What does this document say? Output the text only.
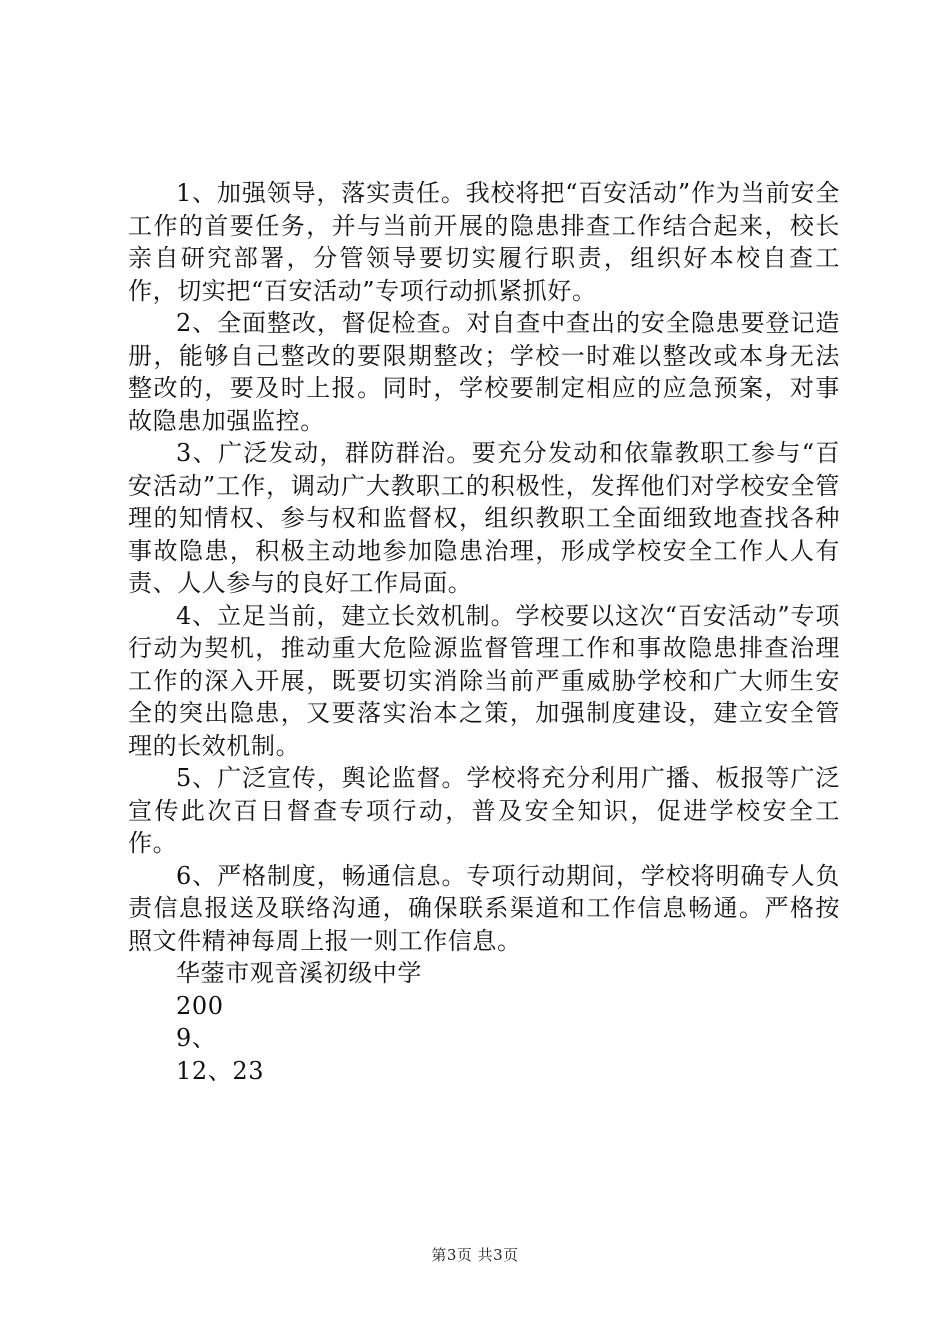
1、加强领导，落实责任。我校将把“百安活动”作为当前安全工作的首要任务，并与当前开展的隐患排查工作结合起来，校长亲自研究部署，分管领导要切实履行职责，组织好本校自查工作，切实把“百安活动”专项行动抓紧抓好。

2、全面整改，督促检查。对自查中查出的安全隐患要登记造册，能够自己整改的要限期整改；学校一时难以整改或本身无法整改的，要及时上报。同时，学校要制定相应的应急预案，对事故隐患加强监控。

3、广泛发动，群防群治。要充分发动和依靠教职工参与“百安活动”工作，调动广大教职工的积极性，发挥他们对学校安全管理的知情权、参与权和监督权，组织教职工全面细致地查找各种事故隐患，积极主动地参加隐患治理，形成学校安全工作人人有责、人人参与的良好工作局面。

4、立足当前，建立长效机制。学校要以这次“百安活动”专项行动为契机，推动重大危险源监督管理工作和事故隐患排查治理工作的深入开展，既要切实消除当前严重威胁学校和广大师生安全的突出隐患，又要落实治本之策，加强制度建设，建立安全管理的长效机制。

5、广泛宣传，舆论监督。学校将充分利用广播、板报等广泛宣传此次百日督查专项行动，普及安全知识，促进学校安全工作。

6、严格制度，畅通信息。专项行动期间，学校将明确专人负责信息报送及联络沟通，确保联系渠道和工作信息畅通。严格按照文件精神每周上报一则工作信息。

华蓥市观音溪初级中学

200

9、

12、23

第3页 共3页
